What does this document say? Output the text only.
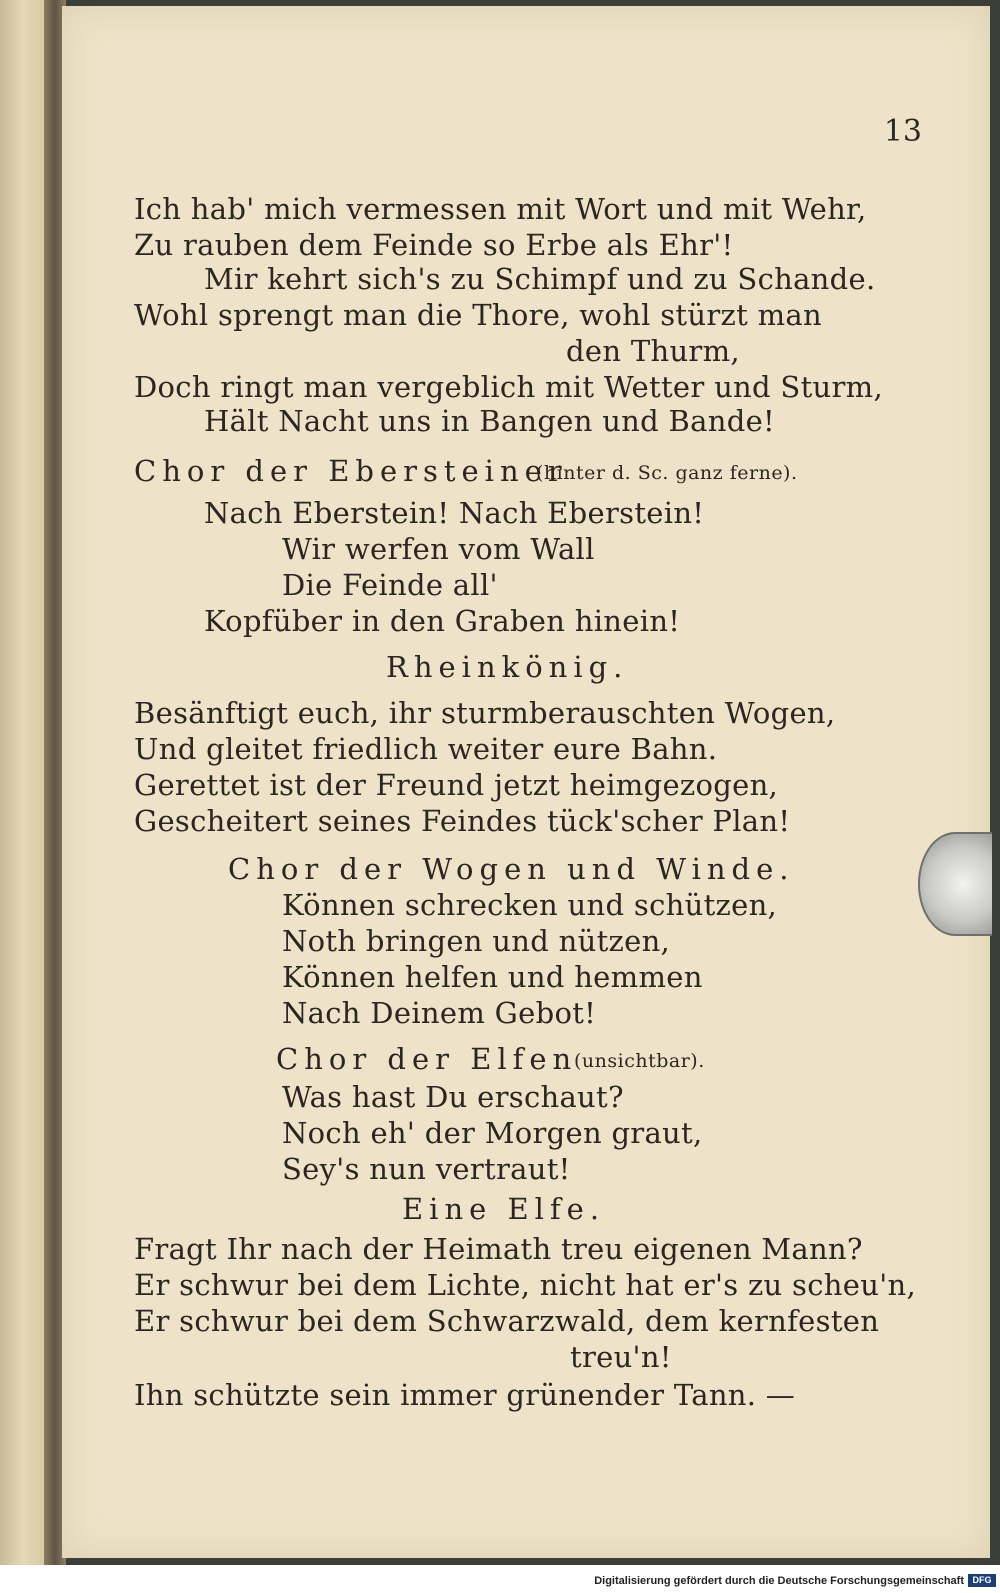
13
Ich hab' mich vermessen mit Wort und mit Wehr,
Zu rauben dem Feinde so Erbe als Ehr'!
Mir kehrt sich's zu Schimpf und zu Schande.
Wohl sprengt man die Thore, wohl stürzt man
den Thurm,
Doch ringt man vergeblich mit Wetter und Sturm,
Hält Nacht uns in Bangen und Bande!
Chor der Ebersteiner
(hinter d. Sc. ganz ferne).
Nach Eberstein! Nach Eberstein!
Wir werfen vom Wall
Die Feinde all'
Kopfüber in den Graben hinein!
Rheinkönig.
Besänftigt euch, ihr sturmberauschten Wogen,
Und gleitet friedlich weiter eure Bahn.
Gerettet ist der Freund jetzt heimgezogen,
Gescheitert seines Feindes tück'scher Plan!
Chor der Wogen und Winde.
Können schrecken und schützen,
Noth bringen und nützen,
Können helfen und hemmen
Nach Deinem Gebot!
Chor der Elfen
(unsichtbar).
Was hast Du erschaut?
Noch eh' der Morgen graut,
Sey's nun vertraut!
Eine Elfe.
Fragt Ihr nach der Heimath treu eigenen Mann?
Er schwur bei dem Lichte, nicht hat er's zu scheu'n,
Er schwur bei dem Schwarzwald, dem kernfesten
treu'n!
Ihn schützte sein immer grünender Tann. —
Digitalisierung gefördert durch die Deutsche Forschungsgemeinschaft DFG
